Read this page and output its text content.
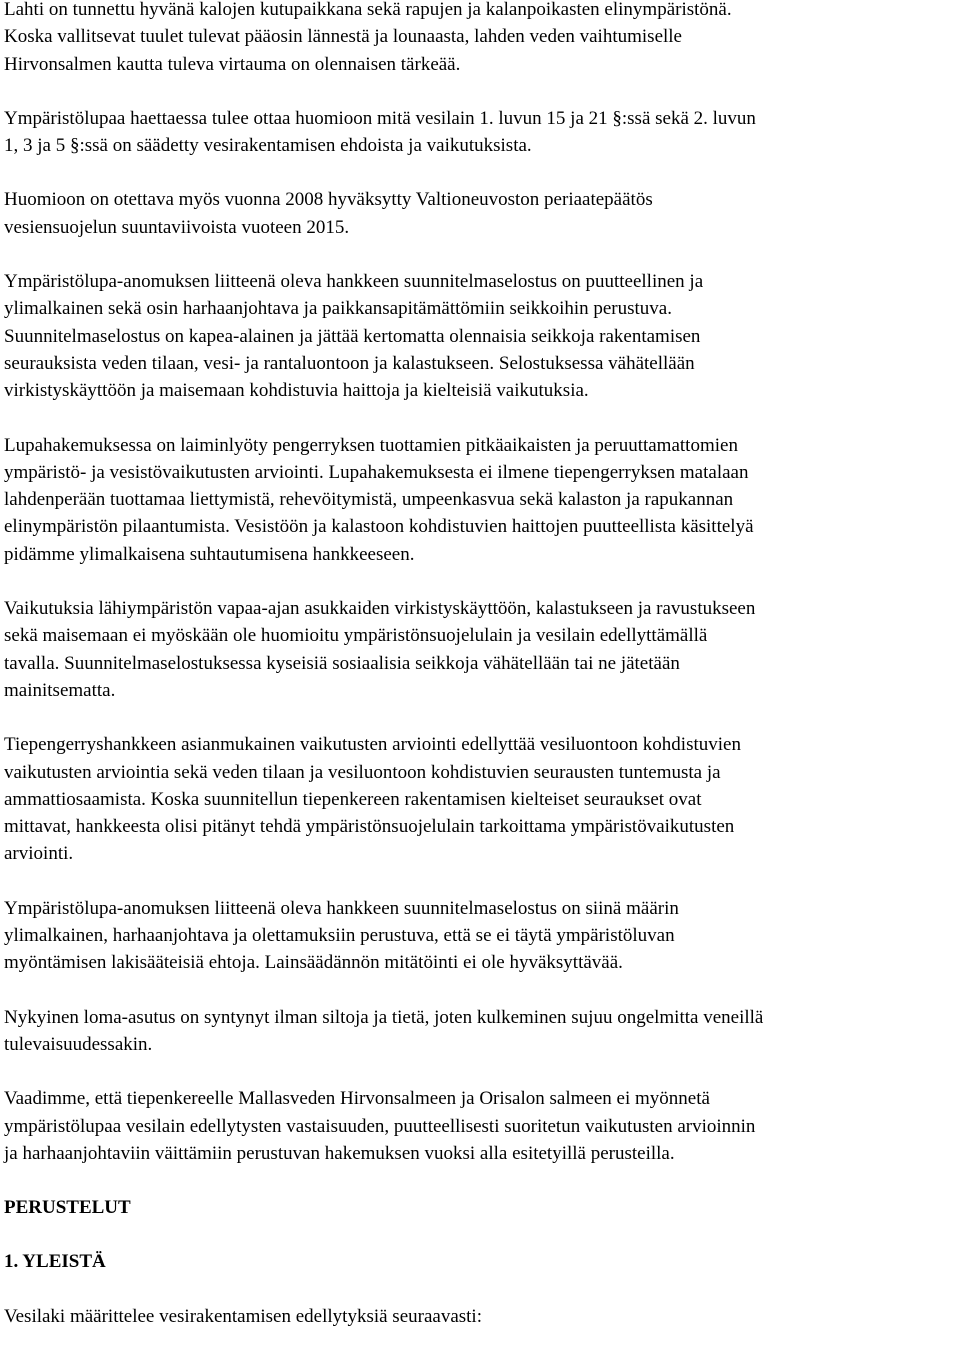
Lahti on tunnettu hyvänä kalojen kutupaikkana sekä rapujen ja kalanpoikasten elinympäristönä.
Koska vallitsevat tuulet tulevat pääosin lännestä ja lounaasta, lahden veden vaihtumiselle
Hirvonsalmen kautta tuleva virtauma on olennaisen tärkeää.

Ympäristölupaa haettaessa tulee ottaa huomioon mitä vesilain 1. luvun 15 ja 21 §:ssä sekä 2. luvun
1, 3 ja 5 §:ssä on säädetty vesirakentamisen ehdoista ja vaikutuksista.

Huomioon on otettava myös vuonna 2008 hyväksytty Valtioneuvoston periaatepäätös
vesiensuojelun suuntaviivoista vuoteen 2015.

Ympäristölupa-anomuksen liitteenä oleva hankkeen suunnitelmaselostus on puutteellinen ja
ylimalkainen sekä osin harhaanjohtava ja paikkansapitämättömiin seikkoihin perustuva.
Suunnitelmaselostus on kapea-alainen ja jättää kertomatta olennaisia seikkoja rakentamisen
seurauksista veden tilaan, vesi- ja rantaluontoon ja kalastukseen. Selostuksessa vähätellään
virkistyskäyttöön ja maisemaan kohdistuvia haittoja ja kielteisiä vaikutuksia.

Lupahakemuksessa on laiminlyöty pengerryksen tuottamien pitkäaikaisten ja peruuttamattomien
ympäristö- ja vesistövaikutusten arviointi. Lupahakemuksesta ei ilmene tiepengerryksen matalaan
lahdenperään tuottamaa liettymistä, rehevöitymistä, umpeenkasvua sekä kalaston ja rapukannan
elinympäristön pilaantumista. Vesistöön ja kalastoon kohdistuvien haittojen puutteellista käsittelyä
pidämme ylimalkaisena suhtautumisena hankkeeseen.

Vaikutuksia lähiympäristön vapaa-ajan asukkaiden virkistyskäyttöön, kalastukseen ja ravustukseen
sekä maisemaan ei myöskään ole huomioitu ympäristönsuojelulain ja vesilain edellyttämällä
tavalla. Suunnitelmaselostuksessa kyseisiä sosiaalisia seikkoja vähätellään tai ne jätetään
mainitsematta.

Tiepengerryshankkeen asianmukainen vaikutusten arviointi edellyttää vesiluontoon kohdistuvien
vaikutusten arviointia sekä veden tilaan ja vesiluontoon kohdistuvien seurausten tuntemusta ja
ammattiosaamista. Koska suunnitellun tiepenkereen rakentamisen kielteiset seuraukset ovat
mittavat, hankkeesta olisi pitänyt tehdä ympäristönsuojelulain tarkoittama ympäristövaikutusten
arviointi.

Ympäristölupa-anomuksen liitteenä oleva hankkeen suunnitelmaselostus on siinä määrin
ylimalkainen, harhaanjohtava ja olettamuksiin perustuva, että se ei täytä ympäristöluvan
myöntämisen lakisääteisiä ehtoja. Lainsäädännön mitätöinti ei ole hyväksyttävää.

Nykyinen loma-asutus on syntynyt ilman siltoja ja tietä, joten kulkeminen sujuu ongelmitta veneillä
tulevaisuudessakin.

Vaadimme, että tiepenkereelle Mallasveden Hirvonsalmeen ja Orisalon salmeen ei myönnetä
ympäristölupaa vesilain edellytysten vastaisuuden, puutteellisesti suoritetun vaikutusten arvioinnin
ja harhaanjohtaviin väittämiin perustuvan hakemuksen vuoksi alla esitetyillä perusteilla.

PERUSTELUT

1. YLEISTÄ

Vesilaki määrittelee vesirakentamisen edellytyksiä seuraavasti:
